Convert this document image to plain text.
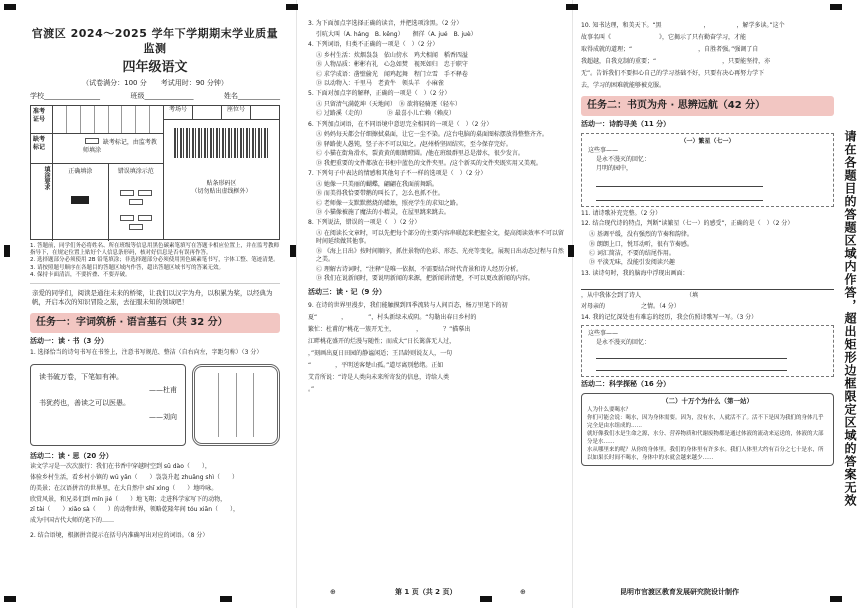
官渡区 2024～2025 学年下学期期末学业质量监测
四年级语文
（试卷满分：100 分　　考试用时：90 分钟）
学校________________	班级______________	姓名____________
准考证号
考场号	座位号
缺考标记
缺考标记，由监考教师填涂
填涂要求	正确填涂	错误填涂示范
贴条形码区
（切勿贴出虚线框外）
1. 答题前，同学们务必将姓名、所在班级等信息用黑色碳素笔填写在答题卡相应位置上，并在监考教师指导下，在规定位置上贴好个人信息条形码，核对好信息是否有误再作答。
2. 选择题部分必须使用 2B 铅笔填涂；非选择题部分必须使用黑色碳素笔书写，字体工整、笔迹清楚。
3. 请按照题号顺序在各题目的答题区域内作答，超出答题区域书写的答案无效。
4. 保持卡面清洁，不要折叠、不要弄破。
亲爱的同学们，阅读是通往未来的桥梁，让我们以汉字为舟，以积累为桨，以经典为帆，开启本次的知识冒险之旅，去征服未知的领域吧！
任务一：字词筑桥 · 语言基石（共 32 分）
活动一：读 · 书（3 分）
1. 选择恰当的诗句书写在书签上，注意书写规范、整洁（自右向左，字距匀称）（3 分）
读书破万卷，下笔如有神。
——杜甫
书犹药也，善读之可以医愚。
——刘向
活动二：读 · 思（20 分）
读文学习是一次次旅行：我们在书香中穿越时空到 sū dào（　　），
体验乡村生活，看乡村小镇的 wū yān（　　）袅袅升起 zhuāng shì（　　）
的美景；在汉语拼音的世界里，在大自然中 shī xìng（　　）地吟咏。
欣赏风景，和兄弟们到 mǐn jié（　　）地飞翔；走进科学家写下的动物，
zī tài（　　）xiǎo sà（　　）的动物世界，领略乾隆年间 tóu xiān（　　），
成为中国古代大师的笔下的……
2. 结合语境，根据拼音提示在括号内准确写出对应的词语。（8 分）
3. 为下面加点字选择正确的读音，并把选项涂黑。（2 分）
引吭大叫（A. háng　B. kēng）　　徊徉（A. jué　B. juè）
4. 下列词语，归类不正确的一项是（　）（2 分）
Ⓐ 乡村生活：炊烟袅袅　依山傍水　鸡犬相闻　稻香四溢
Ⓑ 人物品质：彬彬有礼　心急如焚　视死如归　忠于职守
Ⓒ 求学成语：凿壁偷光　闻鸡起舞　程门立雪　手不释卷
Ⓓ 以动物入：千里马　老黄牛　领头羊　小麻雀
5. 下面对加点字的解释，正确的一项是（　）（2 分）
Ⓐ 只留清气满乾坤（天地间）　Ⓑ 欲将轻骑逐（轻车）
Ⓒ 过路溪（走的）　　　　Ⓓ 最喜小儿亡赖（赖皮）
6. 下列加点词语，在不同语境中意思完全相同的一项是（　）（2 分）
Ⓐ 妈妈每天都会仔细擦拭桌面，让它一尘不染。/这台电脑的桌面图标摆放得整整齐齐。
Ⓑ 驿路使人愚钝，竖子亦不可以知之。/赵州桥坚固结实，至今保存完好。
Ⓒ 小猫在街角滑水，裂黄黄的眼睛瞪圆。/他在班级群里总是潜水，很少发言。
Ⓓ 我把重要的文件都放在书柜中蓝色的文件夹里。/这个新买的文件夹既实用又美观。
7. 下列句子中表达的情感和其他句子不一样的选项是（　）（2 分）
Ⓐ 她像一只美丽的蝴蝶，翩翩在我面前舞蹈。
Ⓑ 而美得我恰要带鹅的叫长了，怎么也抓不住。
Ⓒ 老师像一支默默燃烧的蜡烛，照亮学生的求知之路。
Ⓓ 小猫像被施了魔法的小精灵，在屋里跳来跳去。
8. 下列说法，错误的一项是（　）（2 分）
Ⓐ 在阅读长文章时，可以先把每个部分的主要内容串联起来把握全文，提高阅读效率不可以留时间延续做其他事。
Ⓑ 《海上日出》按时间顺序，抓住景物的色彩、形态、光亮等变化，展现日出动态过程与自然之美。
Ⓒ 理解古诗词时，“注释”是唯一依据，不需要结合时代背景和诗人经历分析。
Ⓓ 我们在说新闻时，要说明新闻的来源，把新闻讲清楚，不可以更改新闻的内容。
活动三：读 · 记（9 分）
9. 在诗的世界里漫步，我们能触摸到四季流转与人间百态，杨万里笔下的初夏“　　　　，　　　　”，村头新绿未成阴。“勾勒出春日乡村的
繁忙：杜甫的“桃花一簇开无主，　　　　，　　　　？”描摹出
江畔桃花盛开的烂漫与随性；而成大“日长篱落无人过，　　　　
，”刻画出夏日田园的静谧闲适；王昌龄则说友人，一句
“　　　　，平明送客楚山孤。”道尽离别愁绪。正如
艾青所说：“诗是人类向未来所寄发的信息，诗给人类　　　　
。”
10. 知书达理，和美天下。“黑　　　　　　　，　　　　　，解学多读。”这个
故事名叫《　　　　　　　　》，它揭示了只有勤奋学习，才能
取得成就的道理；“　　　　　　　　　　　，自胜者强。”强调了自
我超越，自我克制的重要；“　　　　　　　　　　　，只要能坚持，亦
无”。告诉我们不要担心自己的学习基础不好，只要有决心再努力学下
去，学习的困难就能够被克服。
任务二：书页为舟 · 思辨远航（42 分）
活动一：诗韵寻美（11 分）
（一）繁星（七一）
这些事——
是永不漫灭的回忆：
月明的园中，
11. 请诗歌补充完整。（2 分）
12. 结合现代诗的特点，判断“读繁星（七一）的感受”，正确的是（　）（2 分）
Ⓐ 基调平缓，没有强烈的节奏和韵律。
Ⓑ 朗朗上口，悦耳动听，很有节奏感。
Ⓒ 词汇简洁，不要的结尾作用。
Ⓓ 平淡无味，没能引发阅读兴趣
13. 读诗句时，我的脑海中浮现出画面：
，从中我体会到了诗人　　　　　　　　（填
对母亲的　　　　　　之情。（4 分）
14. 我的记忆深处也有难忘的经历，我会仿照诗歌写一写。（3 分）
这些事——
是永不漫灭的回忆：
活动二：科学探秘（16 分）
（二）十万个为什么（第一站）
人为什么要喝水？
你们可能会说：喝水，因为身体需要。因为，没有水，人就活不了。活不下是因为我们的身体几乎完全是由水组成的……
就好像我们水是生命之源，水分、营养物质和代谢废物都是通过体液的流动来运送的，体液的大部分是水……
水从哪里来的呢？从你的身体里。我们的身体里有许多水。我们人体里大约有百分之七十是水，所以如果长时间不喝水，身体中的水就会越来越少……	请在各题目的答题区域内作答，超出矩形边框限定区域的答案无效
⊕	⊕
第 1 页（共 2 页）	昆明市官渡区教育发展研究院设计制作
